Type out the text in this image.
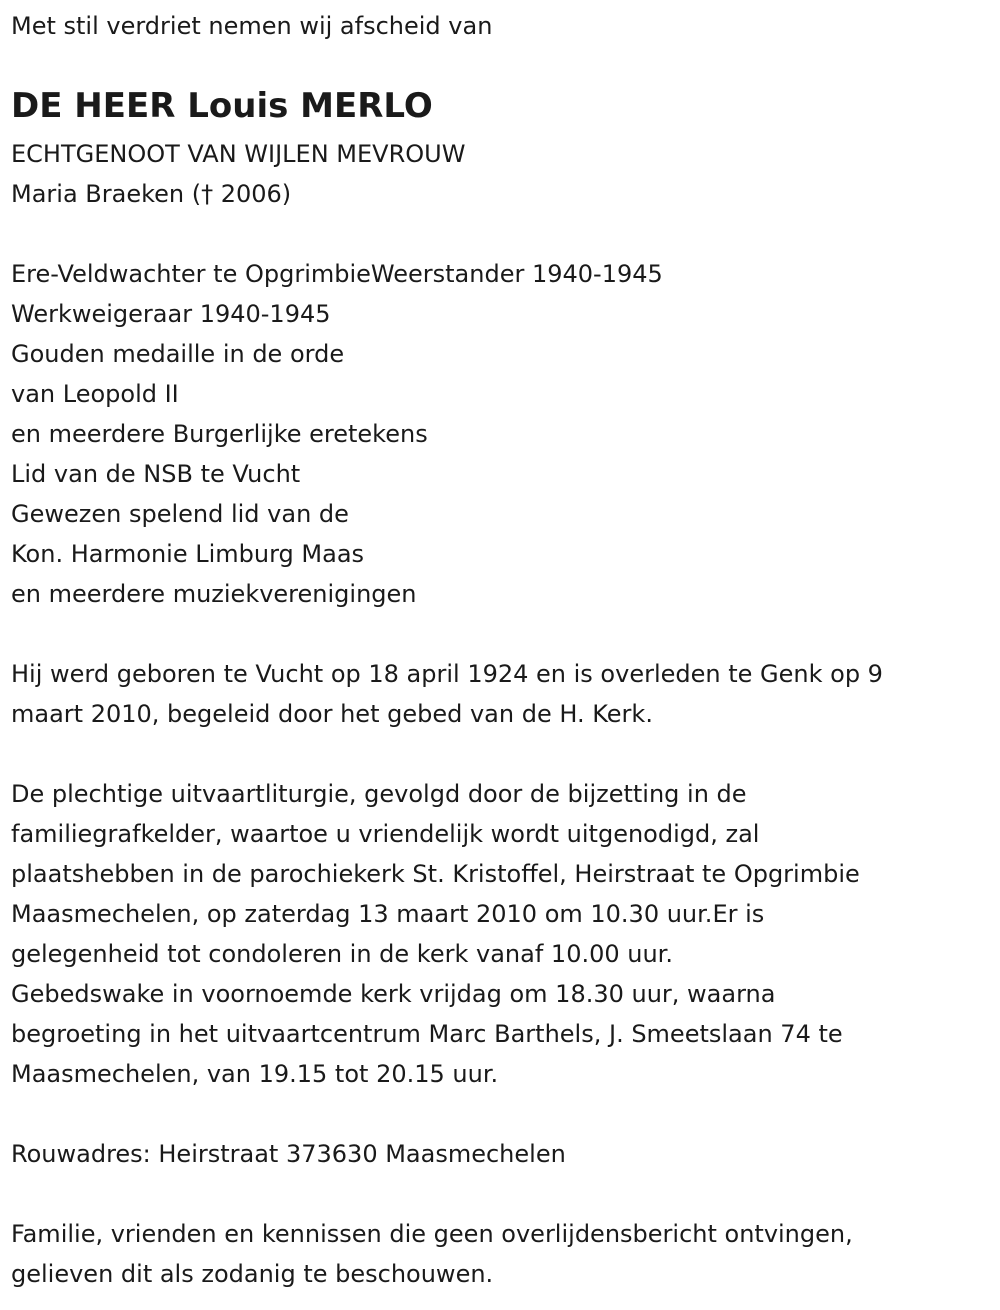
Met stil verdriet nemen wij afscheid van
DE HEER Louis MERLO
ECHTGENOOT VAN WIJLEN MEVROUW
Maria Braeken († 2006)
Ere-Veldwachter te OpgrimbieWeerstander 1940-1945
Werkweigeraar 1940-1945
Gouden medaille in de orde
van Leopold II
en meerdere Burgerlijke eretekens
Lid van de NSB te Vucht
Gewezen spelend lid van de
Kon. Harmonie Limburg Maas
en meerdere muziekverenigingen
Hij werd geboren te Vucht op 18 april 1924 en is overleden te Genk op 9
maart 2010, begeleid door het gebed van de H. Kerk.
De plechtige uitvaartliturgie, gevolgd door de bijzetting in de
familiegrafkelder, waartoe u vriendelijk wordt uitgenodigd, zal
plaatshebben in de parochiekerk St. Kristoffel, Heirstraat te Opgrimbie
Maasmechelen, op zaterdag 13 maart 2010 om 10.30 uur.Er is
gelegenheid tot condoleren in de kerk vanaf 10.00 uur.
Gebedswake in voornoemde kerk vrijdag om 18.30 uur, waarna
begroeting in het uitvaartcentrum Marc Barthels, J. Smeetslaan 74 te
Maasmechelen, van 19.15 tot 20.15 uur.
Rouwadres: Heirstraat 373630 Maasmechelen
Familie, vrienden en kennissen die geen overlijdensbericht ontvingen,
gelieven dit als zodanig te beschouwen.
